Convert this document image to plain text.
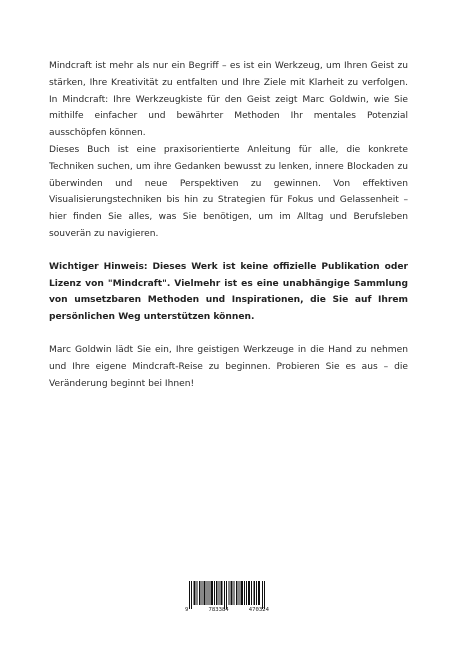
Mindcraft ist mehr als nur ein Begriff – es ist ein Werkzeug, um Ihren Geist zu stärken, Ihre Kreativität zu entfalten und Ihre Ziele mit Klarheit zu verfolgen. In Mindcraft: Ihre Werkzeugkiste für den Geist zeigt Marc Goldwin, wie Sie mithilfe einfacher und bewährter Methoden Ihr mentales Potenzial ausschöpfen können.

Dieses Buch ist eine praxisorientierte Anleitung für alle, die konkrete Techniken suchen, um ihre Gedanken bewusst zu lenken, innere Blockaden zu überwinden und neue Perspektiven zu gewinnen. Von effektiven Visualisierungstechniken bis hin zu Strategien für Fokus und Gelassenheit – hier finden Sie alles, was Sie benötigen, um im Alltag und Berufsleben souverän zu navigieren.

Wichtiger Hinweis: Dieses Werk ist keine offizielle Publikation oder Lizenz von "Mindcraft". Vielmehr ist es eine unabhängige Sammlung von umsetzbaren Methoden und Inspirationen, die Sie auf Ihrem persönlichen Weg unterstützen können.

Marc Goldwin lädt Sie ein, Ihre geistigen Werkzeuge in die Hand zu nehmen und Ihre eigene Mindcraft-Reise zu beginnen. Probieren Sie es aus – die Veränderung beginnt bei Ihnen!

9	783384	470324
